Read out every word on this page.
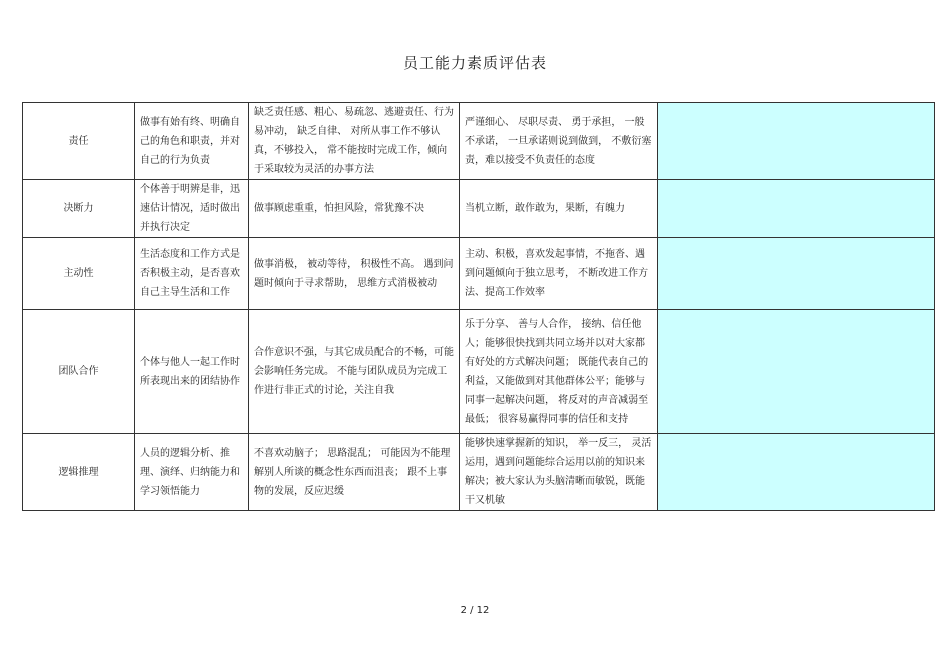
员工能力素质评估表
责任	做事有始有终、明确自己的角色和职责，并对自己的行为负责	缺乏责任感、粗心、易疏忽、逃避责任、行为易冲动， 缺乏自律、 对所从事工作不够认真，不够投入， 常不能按时完成工作，倾向于采取较为灵活的办事方法	严谨细心、 尽职尽责、 勇于承担， 一般不承诺， 一旦承诺则说到做到， 不敷衍塞责，难以接受不负责任的态度	
决断力	个体善于明辨是非，迅速估计情况，适时做出并执行决定	做事顾虑重重，怕担风险，常犹豫不决	当机立断，敢作敢为，果断，有魄力	
主动性	生活态度和工作方式是否积极主动，是否喜欢自己主导生活和工作	做事消极， 被动等待， 积极性不高。 遇到问题时倾向于寻求帮助， 思维方式消极被动	主动、积极，喜欢发起事情，不拖沓、遇到问题倾向于独立思考， 不断改进工作方法、提高工作效率	
团队合作	个体与他人一起工作时所表现出来的团结协作	合作意识不强，与其它成员配合的不畅，可能会影响任务完成。 不能与团队成员为完成工作进行非正式的讨论，关注自我	乐于分享、 善与人合作， 接纳、信任他人；能够很快找到共同立场并以对大家都有好处的方式解决问题； 既能代表自己的利益，又能做到对其他群体公平；能够与同事一起解决问题， 将反对的声音减弱至最低； 很容易赢得同事的信任和支持	
逻辑推理	人员的逻辑分析、推理、演绎、归纳能力和学习领悟能力	不喜欢动脑子； 思路混乱； 可能因为不能理解别人所谈的概念性东西而沮丧； 跟不上事物的发展，反应迟缓	能够快速掌握新的知识， 举一反三， 灵活运用，遇到问题能综合运用以前的知识来解决；被大家认为头脑清晰而敏锐，既能干又机敏	
2 / 12
